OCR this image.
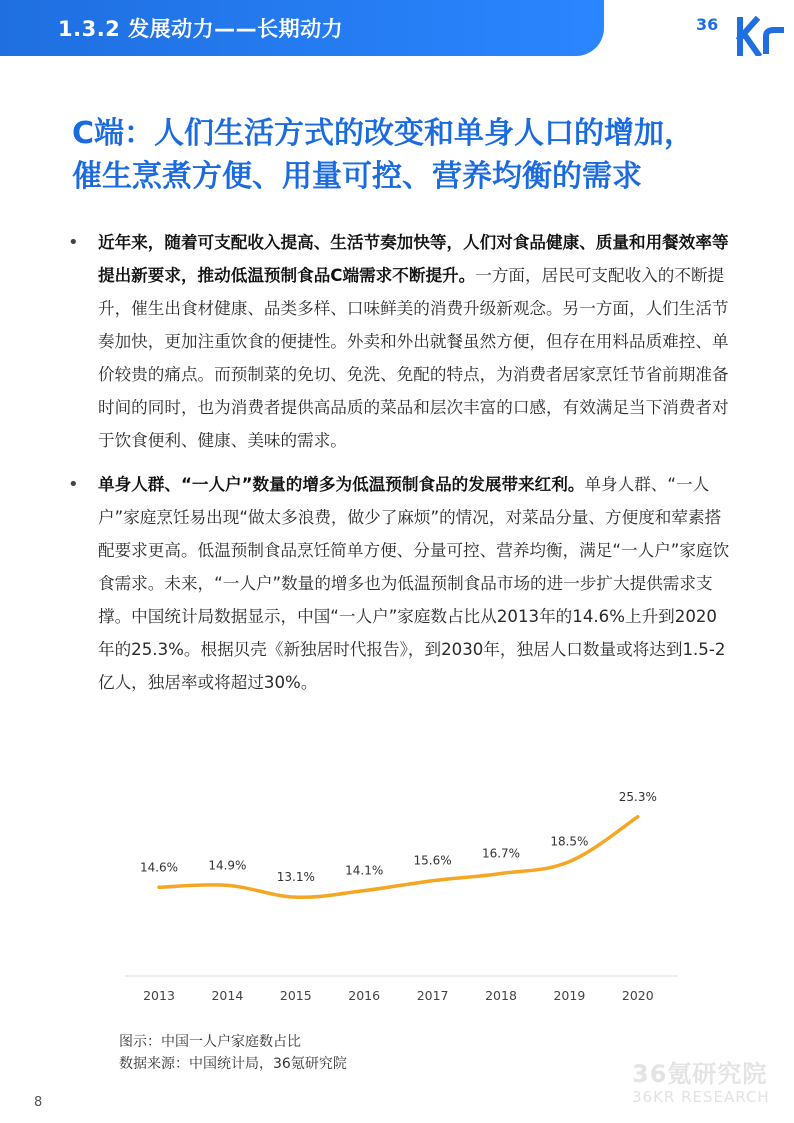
1.3.2 发展动力——长期动力	36
C端：人们生活方式的改变和单身人口的增加，
催生烹煮方便、用量可控、营养均衡的需求
• 近年来，随着可支配收入提高、生活节奏加快等，人们对食品健康、质量和用餐效率等提出新要求，推动低温预制食品C端需求不断提升。一方面，居民可支配收入的不断提升，催生出食材健康、品类多样、口味鲜美的消费升级新观念。另一方面，人们生活节奏加快，更加注重饮食的便捷性。外卖和外出就餐虽然方便，但存在用料品质难控、单价较贵的痛点。而预制菜的免切、免洗、免配的特点，为消费者居家烹饪节省前期准备时间的同时，也为消费者提供高品质的菜品和层次丰富的口感，有效满足当下消费者对于饮食便利、健康、美味的需求。
• 单身人群、“一人户”数量的增多为低温预制食品的发展带来红利。单身人群、“一人户”家庭烹饪易出现“做太多浪费，做少了麻烦”的情况，对菜品分量、方便度和荤素搭配要求更高。低温预制食品烹饪简单方便、分量可控、营养均衡，满足“一人户”家庭饮食需求。未来，“一人户”数量的增多也为低温预制食品市场的进一步扩大提供需求支撑。中国统计局数据显示，中国“一人户”家庭数占比从2013年的14.6%上升到2020年的25.3%。根据贝壳《新独居时代报告》，到2030年，独居人口数量或将达到1.5-2亿人，独居率或将超过30%。
14.6%
2013
14.9%
2014
13.1%
2015
14.1%
2016
15.6%
2017
16.7%
2018
18.5%
2019
25.3%
2020
图示：中国一人户家庭数占比
数据来源：中国统计局，36氪研究院	36氪研究院
36KR RESEARCH
8
